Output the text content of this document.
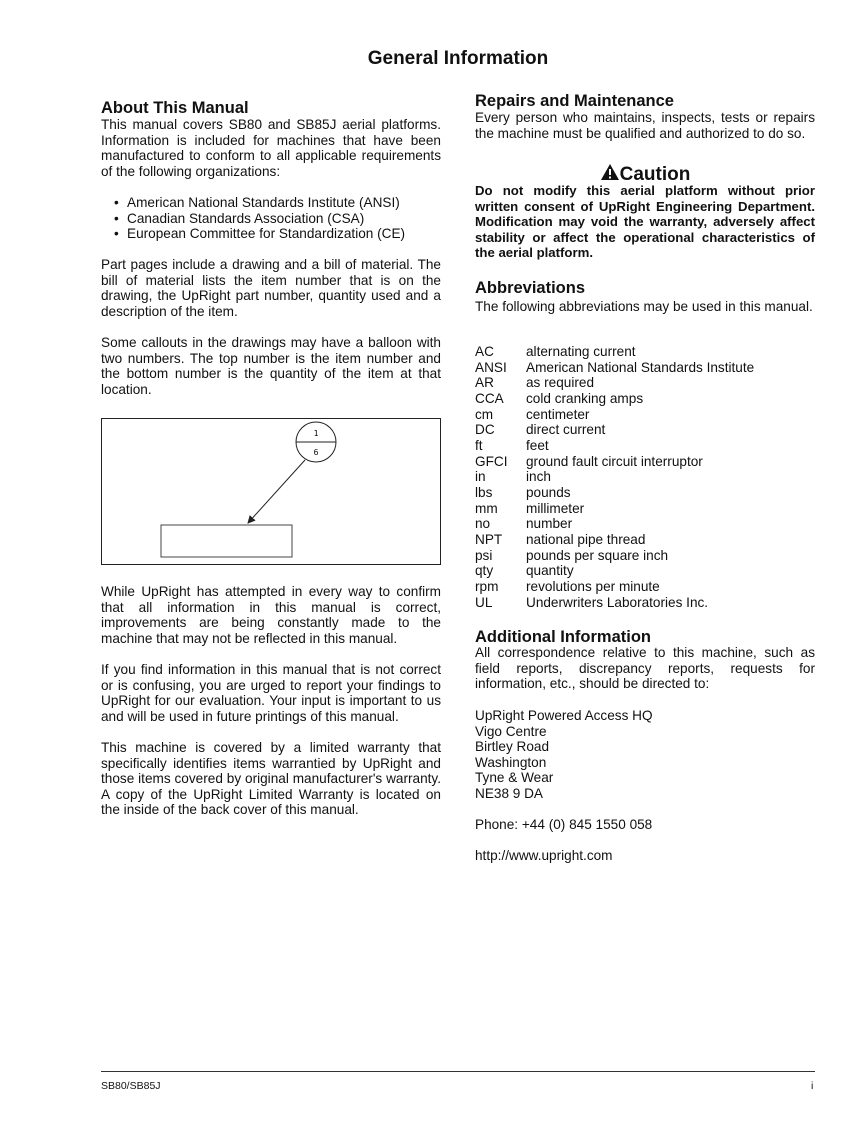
General Information
About This Manual

This manual covers SB80 and SB85J aerial platforms. Information is included for machines that have been manufactured to conform to all applicable requirements of the following organizations:

• American National Standards Institute (ANSI)
• Canadian Standards Association (CSA)
• European Committee for Standardization (CE)

Part pages include a drawing and a bill of material. The bill of material lists the item number that is on the drawing, the UpRight part number, quantity used and a description of the item.

Some callouts in the drawings may have a balloon with two numbers. The top number is the item number and the bottom number is the quantity of the item at that location.

1
6

While UpRight has attempted in every way to confirm that all information in this manual is correct, improvements are being constantly made to the machine that may not be reflected in this manual.

If you find information in this manual that is not correct or is confusing, you are urged to report your findings to UpRight for our evaluation. Your input is important to us and will be used in future printings of this manual.

This machine is covered by a limited warranty that specifically identifies items warrantied by UpRight and those items covered by original manufacturer's warranty. A copy of the UpRight Limited Warranty is located on the inside of the back cover of this manual.

Repairs and Maintenance

Every person who maintains, inspects, tests or repairs the machine must be qualified and authorized to do so.

Caution

Do not modify this aerial platform without prior written consent of UpRight Engineering Department. Modification may void the warranty, adversely affect stability or affect the operational characteristics of the aerial platform.

Abbreviations

The following abbreviations may be used in this manual.

AC	alternating current
ANSI	American National Standards Institute
AR	as required
CCA	cold cranking amps
cm	centimeter
DC	direct current
ft	feet
GFCI	ground fault circuit interruptor
in	inch
lbs	pounds
mm	millimeter
no	number
NPT	national pipe thread
psi	pounds per square inch
qty	quantity
rpm	revolutions per minute
UL	Underwriters Laboratories Inc.
Additional Information

All correspondence relative to this machine, such as field reports, discrepancy reports, requests for information, etc., should be directed to:

UpRight Powered Access HQ
Vigo Centre
Birtley Road
Washington
Tyne & Wear
NE38 9 DA
Phone: +44 (0) 845 1550 058
http://www.upright.com
SB80/SB85J	i
